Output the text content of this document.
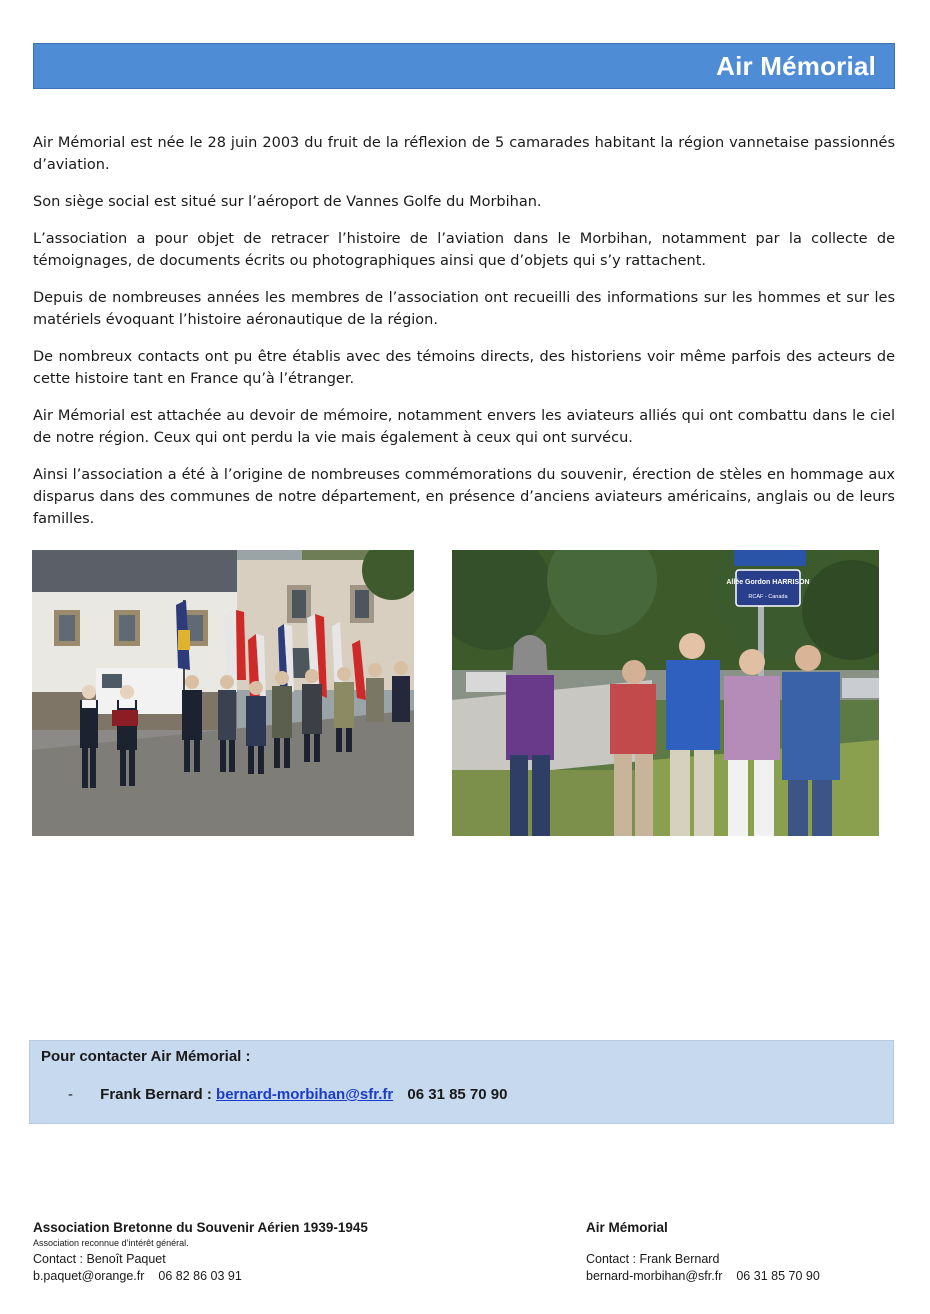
Air Mémorial

Air Mémorial est née le 28 juin 2003 du fruit de la réflexion de 5 camarades habitant la région vannetaise passionnés d’aviation.

Son siège social est situé sur l’aéroport de Vannes Golfe du Morbihan.

L’association a pour objet de retracer l’histoire de l’aviation dans le Morbihan, notamment par la collecte de témoignages, de documents écrits ou photographiques ainsi que d’objets qui s’y rattachent.

Depuis de nombreuses années les membres de l’association ont recueilli des informations sur les hommes et sur les matériels évoquant l’histoire aéronautique de la région.

De nombreux contacts ont pu être établis avec des témoins directs, des historiens voir même parfois des acteurs de cette histoire tant en France qu’à l’étranger.

Air Mémorial est attachée au devoir de mémoire, notamment envers les aviateurs alliés qui ont combattu dans le ciel de notre région. Ceux qui ont perdu la vie mais également à ceux qui ont survécu.

Ainsi l’association a été à l’origine de nombreuses commémorations du souvenir, érection de stèles en hommage aux disparus dans des communes de notre département, en présence d’anciens aviateurs américains, anglais ou de leurs familles.

Allée Gordon HARRISON
RCAF - Canada
Pour contacter Air Mémorial :
- Frank Bernard : bernard-morbihan@sfr.fr 06 31 85 70 90
Association Bretonne du Souvenir Aérien 1939-1945
Association reconnue d’intérêt général.
Contact : Benoît Paquet
b.paquet@orange.fr 06 82 86 03 91
Air Mémorial
Contact : Frank Bernard
bernard-morbihan@sfr.fr 06 31 85 70 90
